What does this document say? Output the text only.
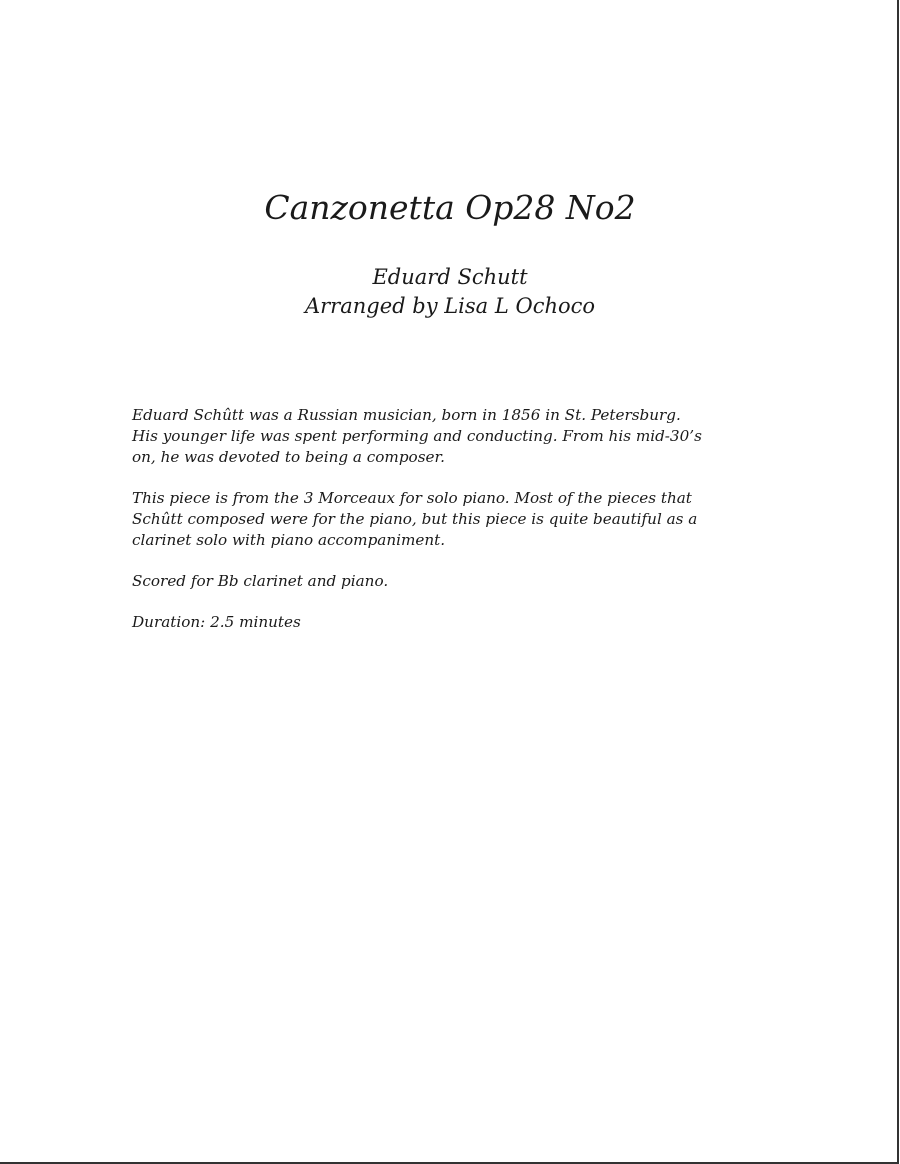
Canzonetta Op28 No2

Eduard Schutt

Arranged by Lisa L Ochoco

Eduard Schûtt was a Russian musician, born in 1856 in St. Petersburg.
His younger life was spent performing and conducting. From his mid-30’s
on, he was devoted to being a composer.

This piece is from the 3 Morceaux for solo piano. Most of the pieces that
Schûtt composed were for the piano, but this piece is quite beautiful as a
clarinet solo with piano accompaniment.

Scored for Bb clarinet and piano.

Duration: 2.5 minutes
